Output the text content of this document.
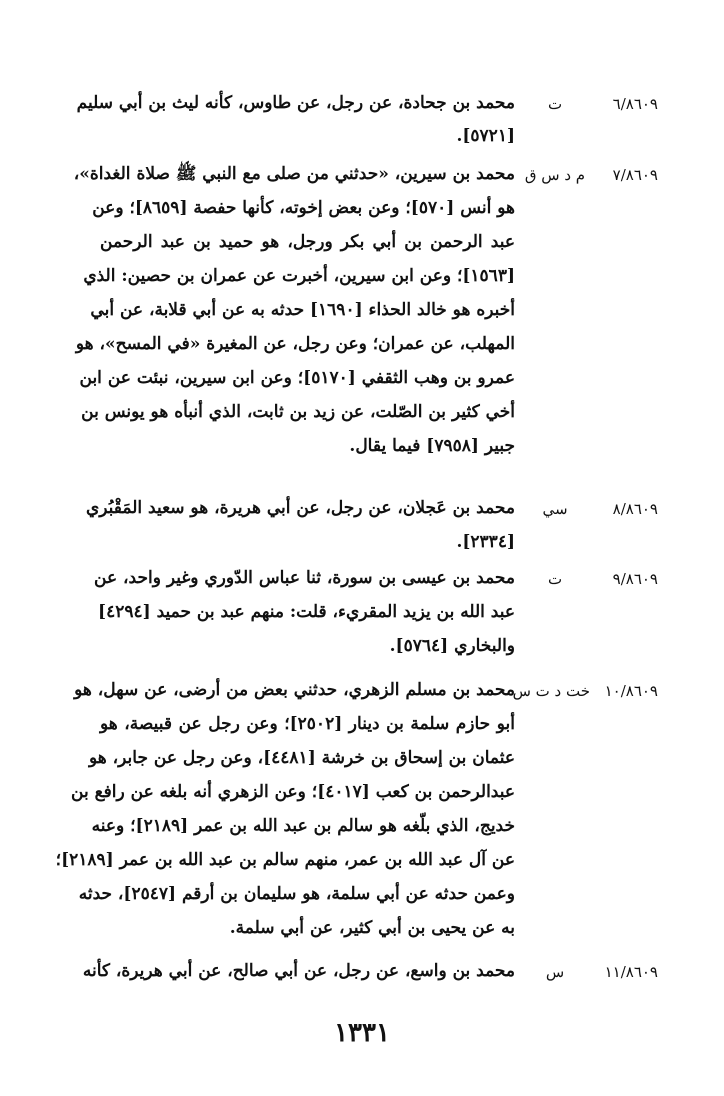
٦/٨٦٠٩
ت
محمد بن جحادة، عن رجل، عن طاوس، كأنه ليث بن أبي سليم
[٥٧٢١].
٧/٨٦٠٩
م د س ق
محمد بن سيرين، «حدثني من صلى مع النبي ﷺ صلاة الغداة»،
هو أنس [٥٧٠]؛ وعن بعض إخوته، كأنها حفصة [٨٦٥٩]؛ وعن
عبد الرحمن بن أبي بكر ورجل، هو حميد بن عبد الرحمن
[١٥٦٣]؛ وعن ابن سيرين، أخبرت عن عمران بن حصين: الذي
أخبره هو خالد الحذاء [١٦٩٠] حدثه به عن أبي قلابة، عن أبي
المهلب، عن عمران؛ وعن رجل، عن المغيرة «في المسح»، هو
عمرو بن وهب الثقفي [٥١٧٠]؛ وعن ابن سيرين، نبئت عن ابن
أخي كثير بن الصّلت، عن زيد بن ثابت، الذي أنبأه هو يونس بن
جبير [٧٩٥٨] فيما يقال.
٨/٨٦٠٩
سي
محمد بن عَجلان، عن رجل، عن أبي هريرة، هو سعيد المَقْبُري
[٢٣٣٤].
٩/٨٦٠٩
ت
محمد بن عيسى بن سورة، ثنا عباس الدّوري وغير واحد، عن
عبد الله بن يزيد المقريء، قلت: منهم عبد بن حميد [٤٢٩٤]
والبخاري [٥٧٦٤].
١٠/٨٦٠٩
خت د ت س
محمد بن مسلم الزهري، حدثني بعض من أرضى، عن سهل، هو
أبو حازم سلمة بن دينار [٢٥٠٢]؛ وعن رجل عن قبيصة، هو
عثمان بن إسحاق بن خرشة [٤٤٨١]، وعن رجل عن جابر، هو
عبدالرحمن بن كعب [٤٠١٧]؛ وعن الزهري أنه بلغه عن رافع بن
خديج، الذي بلّغه هو سالم بن عبد الله بن عمر [٢١٨٩]؛ وعنه
عن آل عبد الله بن عمر، منهم سالم بن عبد الله بن عمر [٢١٨٩]؛
وعمن حدثه عن أبي سلمة، هو سليمان بن أرقم [٢٥٤٧]، حدثه
به عن يحيى بن أبي كثير، عن أبي سلمة.
١١/٨٦٠٩
س
محمد بن واسع، عن رجل، عن أبي صالح، عن أبي هريرة، كأنه
١٣٣١
